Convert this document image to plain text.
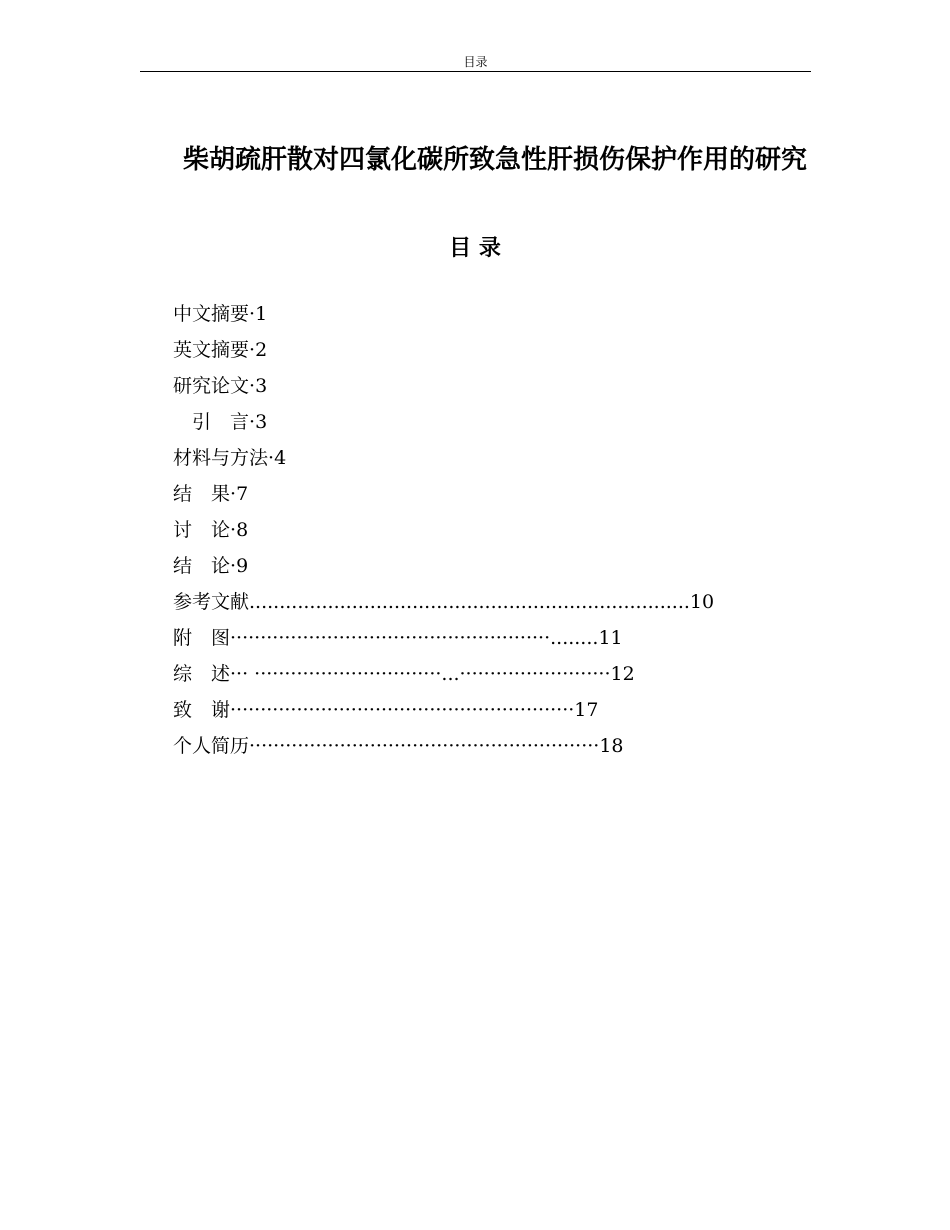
目录
柴胡疏肝散对四氯化碳所致急性肝损伤保护作用的研究
目 录
中文摘要·1
英文摘要·2
研究论文·3
　引　言·3
材料与方法·4
结　果·7
讨　论·8
结　论·9
参考文献.........................................................................10
附　图·····················································........11
综　述··· ·······························...·························12
致　谢·························································17
个人简历··························································18
